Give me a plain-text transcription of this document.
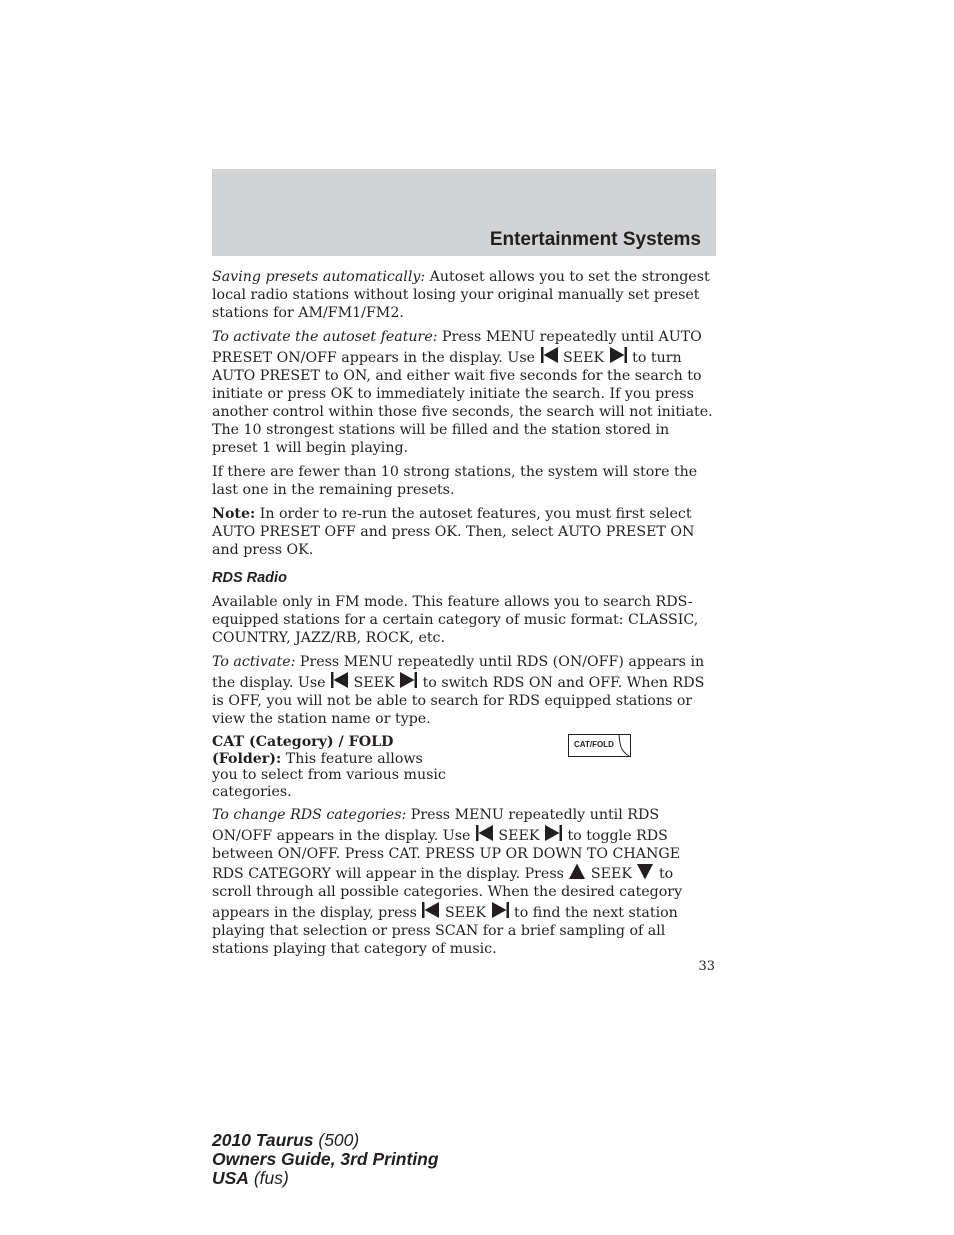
Entertainment Systems

Saving presets automatically: Autoset allows you to set the strongest local radio stations without losing your original manually set preset stations for AM/FM1/FM2.

To activate the autoset feature: Press MENU repeatedly until AUTO PRESET ON/OFF appears in the display. Use
SEEK
to turn AUTO PRESET to ON, and either wait five seconds for the search to initiate or press OK to immediately initiate the search. If you press another control within those five seconds, the search will not initiate. The 10 strongest stations will be filled and the station stored in preset 1 will begin playing.

If there are fewer than 10 strong stations, the system will store the last one in the remaining presets.

Note: In order to re-run the autoset features, you must first select AUTO PRESET OFF and press OK. Then, select AUTO PRESET ON and press OK.

RDS Radio

Available only in FM mode. This feature allows you to search RDS-equipped stations for a certain category of music format: CLASSIC, COUNTRY, JAZZ/RB, ROCK, etc.

To activate: Press MENU repeatedly until RDS (ON/OFF) appears in the display. Use
SEEK
to switch RDS ON and OFF. When RDS is OFF, you will not be able to search for RDS equipped stations or view the station name or type.

CAT (Category) / FOLD (Folder): This feature allows you to select from various music categories.
CAT/FOLD

To change RDS categories: Press MENU repeatedly until RDS ON/OFF appears in the display. Use
SEEK
to toggle RDS between ON/OFF. Press CAT. PRESS UP OR DOWN TO CHANGE RDS CATEGORY will appear in the display. Press
SEEK
to scroll through all possible categories. When the desired category appears in the display, press
SEEK
to find the next station playing that selection or press SCAN for a brief sampling of all stations playing that category of music.

33
2010 Taurus (500)
Owners Guide, 3rd Printing
USA (fus)
